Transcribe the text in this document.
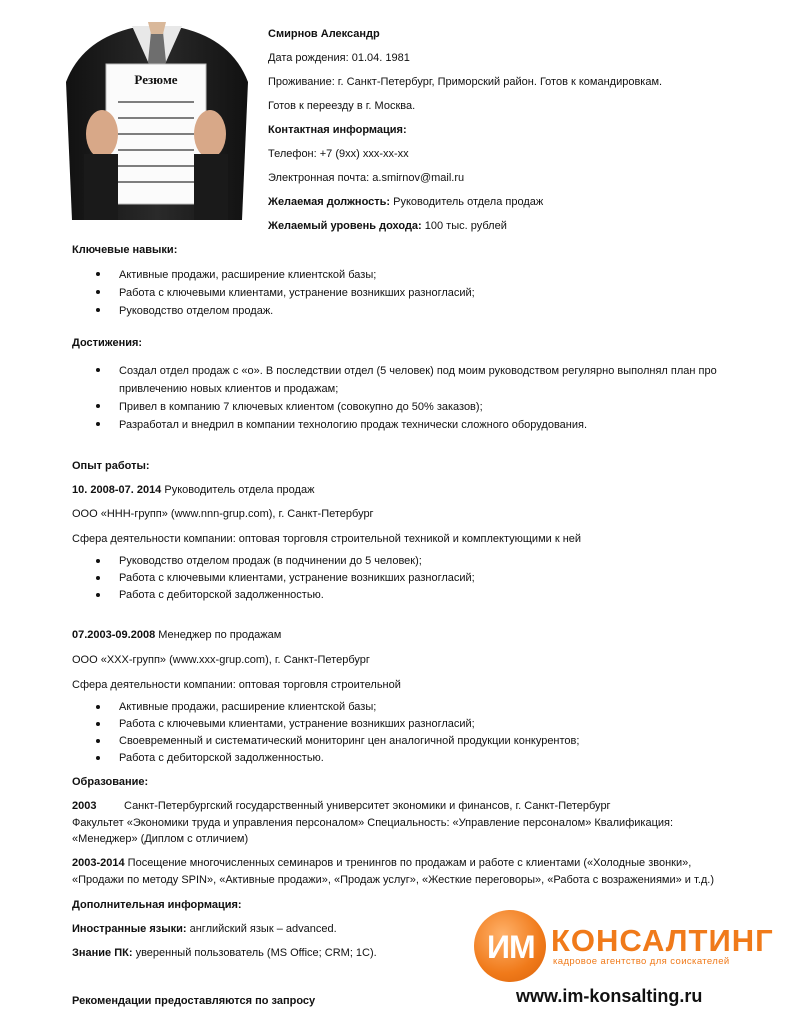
Резюме
Смирнов Александр
Дата рождения: 01.04. 1981
Проживание: г. Санкт-Петербург, Приморский район. Готов к командировкам.
Готов к переезду в г. Москва.
Контактная информация:
Телефон: +7 (9хх) ххх-хх-хх
Электронная почта: a.smirnov@mail.ru
Желаемая должность: Руководитель отдела продаж
Желаемый уровень дохода: 100 тыс. рублей
Ключевые навыки:
Активные продажи, расширение клиентской базы;
Работа с ключевыми клиентами, устранение возникших разногласий;
Руководство отделом продаж.
Достижения:
Создал отдел продаж с «о». В последствии отдел (5 человек) под моим руководством регулярно выполнял план про
привлечению новых клиентов и продажам;
Привел в компанию 7 ключевых клиентом (совокупно до 50% заказов);
Разработал и внедрил в компании технологию продаж технически сложного оборудования.
Опыт работы:
10. 2008-07. 2014 Руководитель отдела продаж
ООО «ННН-групп» (www.nnn-grup.com), г. Санкт-Петербург
Сфера деятельности компании: оптовая торговля строительной техникой и комплектующими к ней
Руководство отделом продаж (в подчинении до 5 человек);
Работа с ключевыми клиентами, устранение возникших разногласий;
Работа с дебиторской задолженностью.
07.2003-09.2008 Менеджер по продажам
ООО «ХХХ-групп» (www.xxx-grup.com), г. Санкт-Петербург
Сфера деятельности компании: оптовая торговля строительной
Активные продажи, расширение клиентской базы;
Работа с ключевыми клиентами, устранение возникших разногласий;
Своевременный и систематический мониторинг цен аналогичной продукции конкурентов;
Работа с дебиторской задолженностью.
Образование:
2003	Санкт-Петербургский государственный университет экономики и финансов, г. Санкт-Петербург
Факультет «Экономики труда и управления персоналом» Специальность: «Управление персоналом» Квалификация:
«Менеджер» (Диплом с отличием)
2003-2014 Посещение многочисленных семинаров и тренингов по продажам и работе с клиентами («Холодные звонки»,
«Продажи по методу SPIN», «Активные продажи», «Продаж услуг», «Жесткие переговоры», «Работа с возражениями» и т.д.)
Дополнительная информация:
Иностранные языки: английский язык – advanced.
Знание ПК: уверенный пользователь (MS Office; CRM; 1C).
Рекомендации предоставляются по запросу
ИМ КОНСАЛТИНГ
кадровое агентство для соискателей
www.im-konsalting.ru
